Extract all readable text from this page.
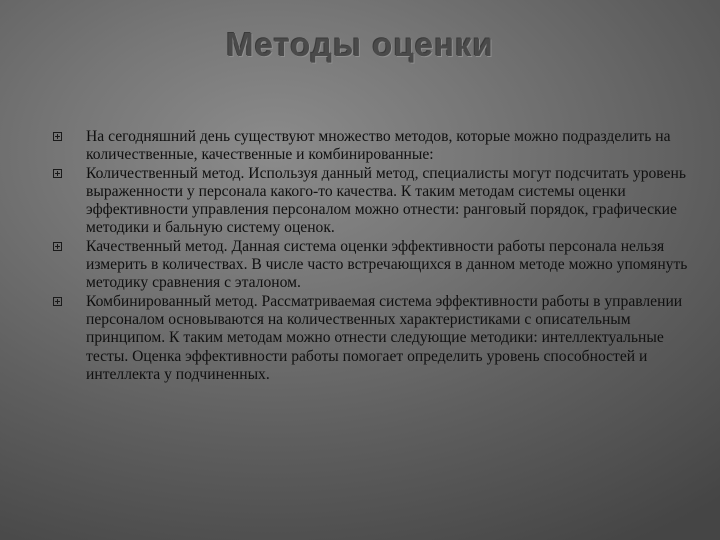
Методы оценки
На сегодняшний день существуют множество методов, которые можно подразделить на количественные, качественные и комбинированные:
Количественный метод. Используя данный метод, специалисты могут подсчитать уровень выраженности у персонала какого-то качества. К таким методам системы оценки эффективности управления персоналом можно отнести: ранговый порядок, графические методики и бальную систему оценок.
Качественный метод. Данная система оценки эффективности работы персонала нельзя измерить в количествах. В числе часто встречающихся в данном методе можно упомянуть методику сравнения с эталоном.
Комбинированный метод. Рассматриваемая система эффективности работы в управлении персоналом основываются на количественных характеристиками с описательным принципом. К таким методам можно отнести следующие методики: интеллектуальные тесты. Оценка эффективности работы помогает определить уровень способностей и интеллекта у подчиненных.
